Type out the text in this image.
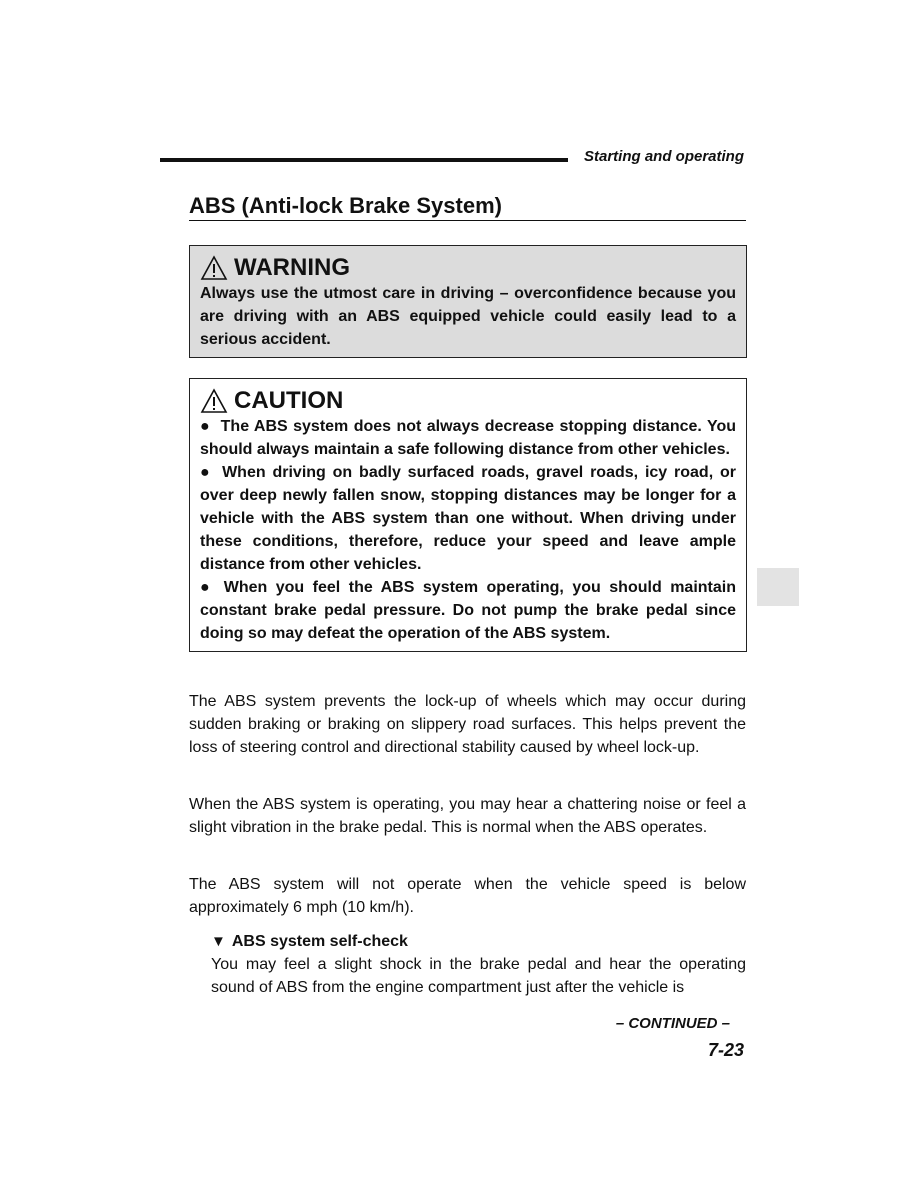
Starting and operating
ABS (Anti-lock Brake System)
WARNING
Always use the utmost care in driving – overconfidence because you are driving with an ABS equipped vehicle could easily lead to a serious accident.
CAUTION
● The ABS system does not always decrease stopping distance. You should always maintain a safe following distance from other vehicles.
● When driving on badly surfaced roads, gravel roads, icy road, or over deep newly fallen snow, stopping distances may be longer for a vehicle with the ABS system than one without. When driving under these conditions, therefore, reduce your speed and leave ample distance from other vehicles.
● When you feel the ABS system operating, you should maintain constant brake pedal pressure. Do not pump the brake pedal since doing so may defeat the operation of the ABS system.
The ABS system prevents the lock-up of wheels which may occur during sudden braking or braking on slippery road surfaces. This helps prevent the loss of steering control and directional stability caused by wheel lock-up.
When the ABS system is operating, you may hear a chattering noise or feel a slight vibration in the brake pedal. This is normal when the ABS operates.
The ABS system will not operate when the vehicle speed is below approximately 6 mph (10 km/h).
▼ ABS system self-check
You may feel a slight shock in the brake pedal and hear the operating sound of ABS from the engine compartment just after the vehicle is
– CONTINUED –
7-23
